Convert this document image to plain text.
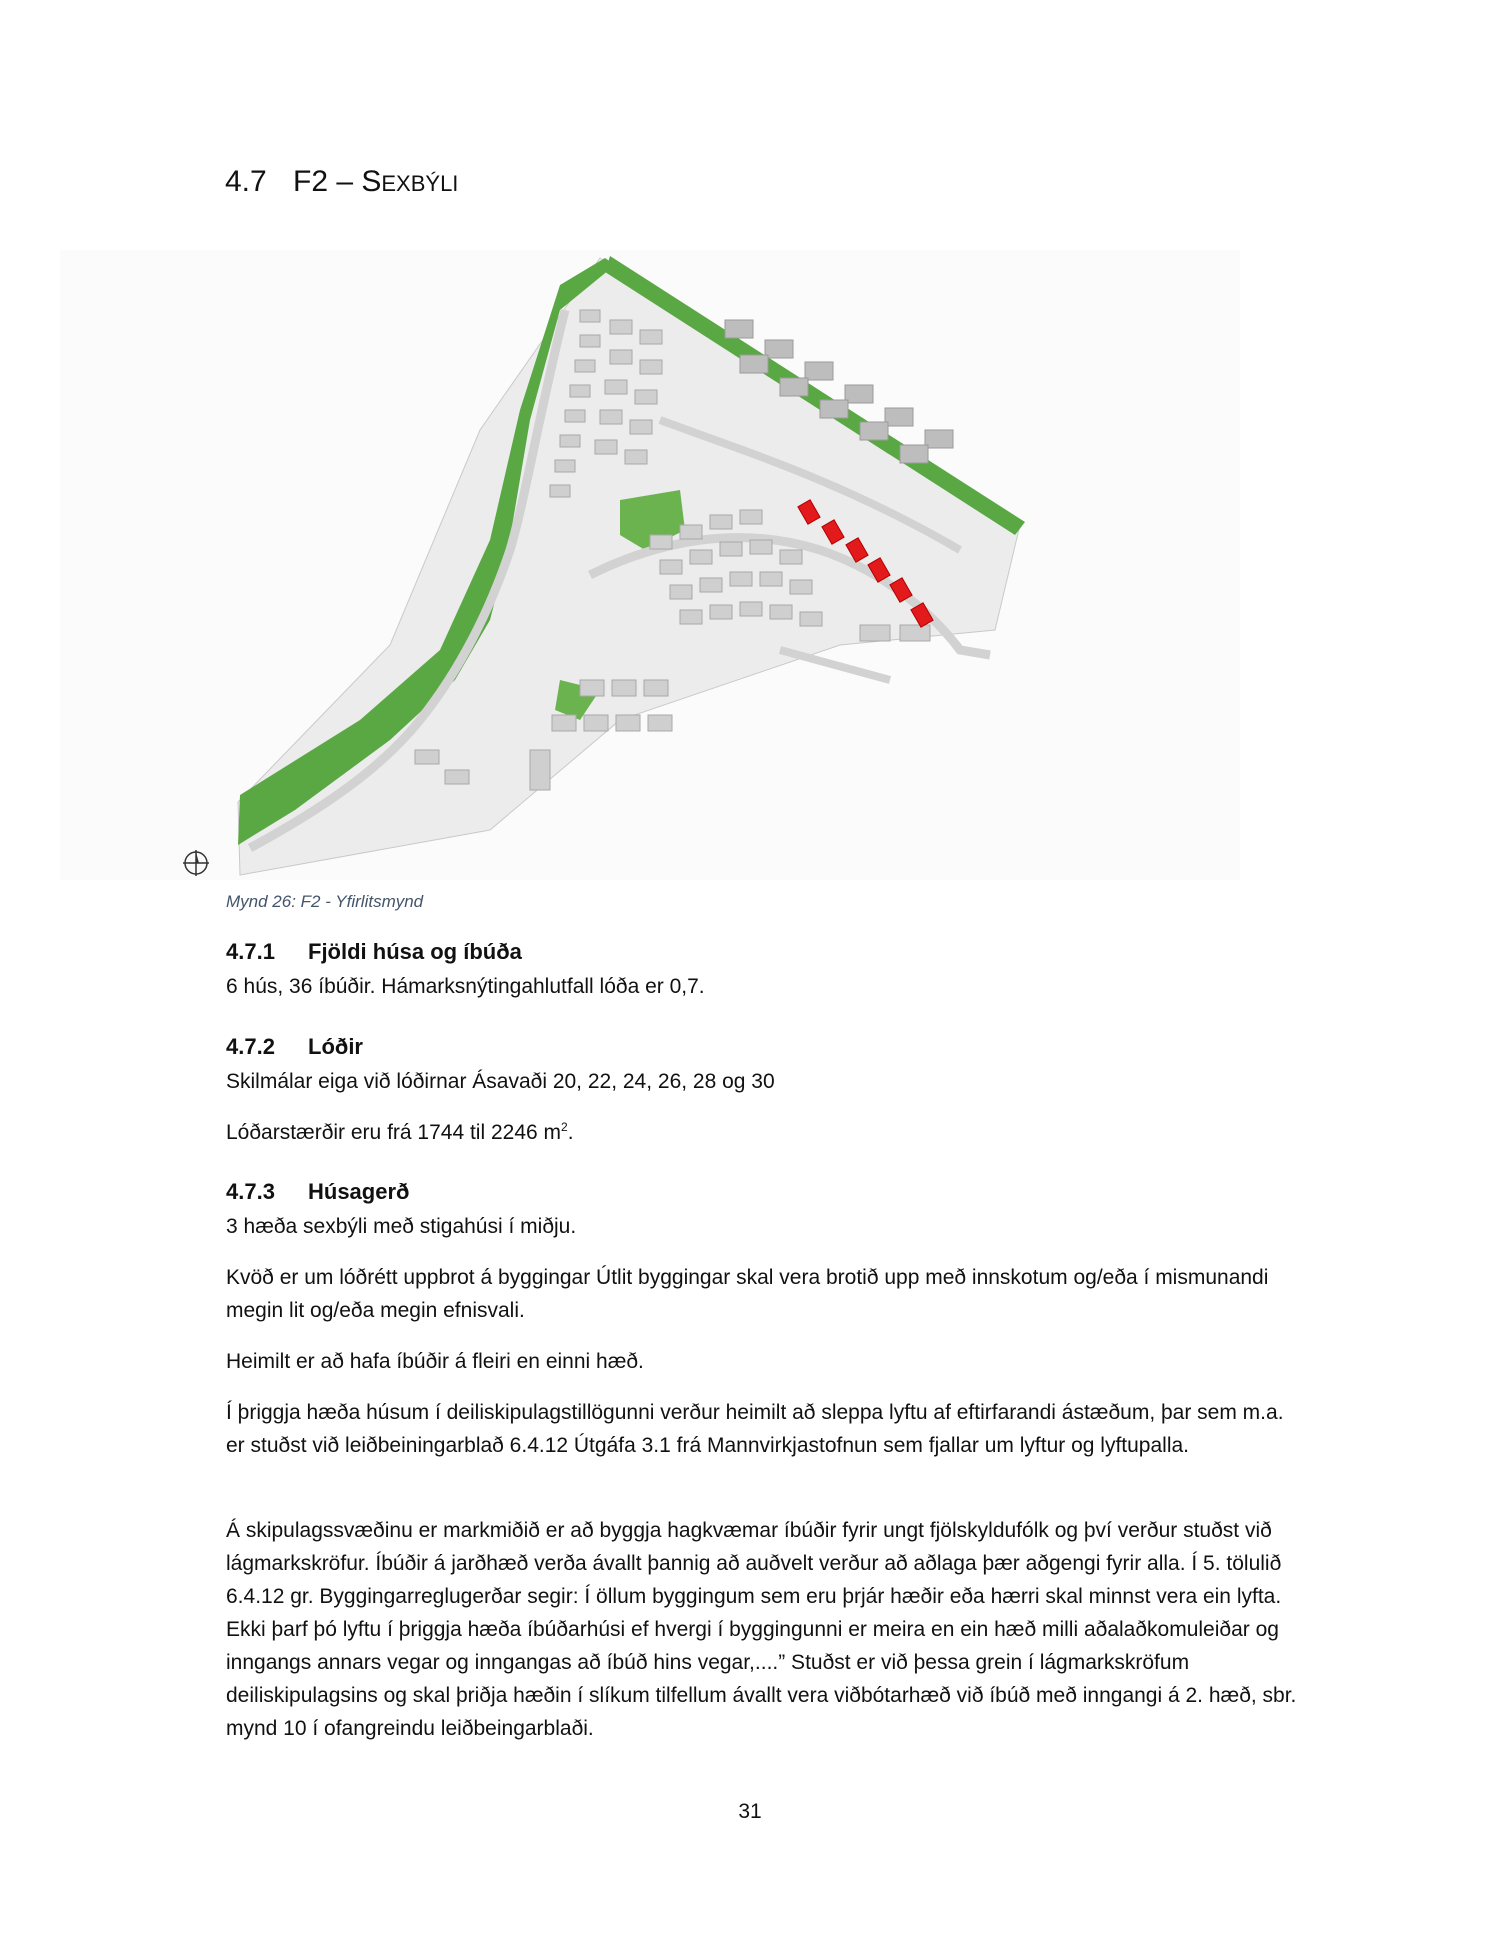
4.7 F2 – SEXBÝLI
Mynd 26: F2 - Yfirlitsmynd
4.7.1 Fjöldi húsa og íbúða
6 hús, 36 íbúðir. Hámarksnýtingahlutfall lóða er 0,7.
4.7.2 Lóðir
Skilmálar eiga við lóðirnar Ásavaði 20, 22, 24, 26, 28 og 30
Lóðarstærðir eru frá 1744 til 2246 $m^2$.
4.7.3 Húsagerð
3 hæða sexbýli með stigahúsi í miðju.
Kvöð er um lóðrétt uppbrot á byggingar Útlit byggingar skal vera brotið upp með innskotum og/eða í mismunandi megin lit og/eða megin efnisvali.
Heimilt er að hafa íbúðir á fleiri en einni hæð.
Í þriggja hæða húsum í deiliskipulagstillögunni verður heimilt að sleppa lyftu af eftirfarandi ástæðum, þar sem m.a. er stuðst við leiðbeiningarblað 6.4.12 Útgáfa 3.1 frá Mannvirkjastofnun sem fjallar um lyftur og lyftupalla.
Á skipulagssvæðinu er markmiðið er að byggja hagkvæmar íbúðir fyrir ungt fjölskyldufólk og því verður stuðst við lágmarkskröfur. Íbúðir á jarðhæð verða ávallt þannig að auðvelt verður að aðlaga þær aðgengi fyrir alla. Í 5. tölulið 6.4.12 gr. Byggingarreglugerðar segir: Í öllum byggingum sem eru þrjár hæðir eða hærri skal minnst vera ein lyfta. Ekki þarf þó lyftu í þriggja hæða íbúðarhúsi ef hvergi í byggingunni er meira en ein hæð milli aðalaðkomuleiðar og inngangs annars vegar og inngangas að íbúð hins vegar,....” Stuðst er við þessa grein í lágmarkskröfum deiliskipulagsins og skal þriðja hæðin í slíkum tilfellum ávallt vera viðbótarhæð við íbúð með inngangi á 2. hæð, sbr. mynd 10 í ofangreindu leiðbeingarblaði.
31
